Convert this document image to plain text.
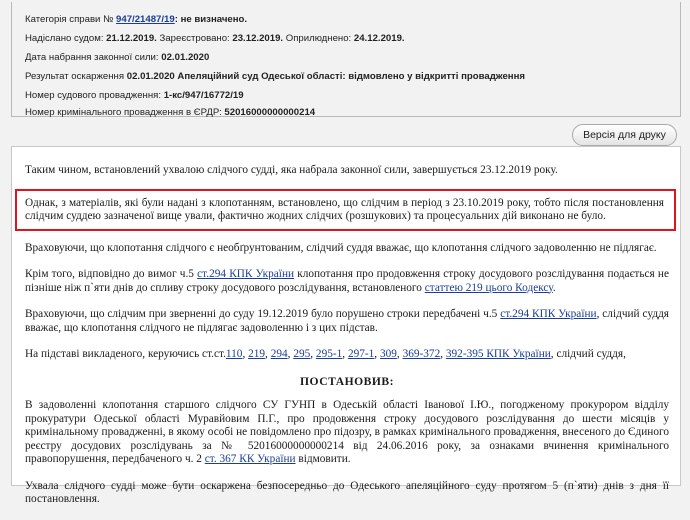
Категорія справи № 947/21487/19: не визначено.
Надіслано судом: 21.12.2019. Зареєстровано: 23.12.2019. Оприлюднено: 24.12.2019.
Дата набрання законної сили: 02.01.2020
Результат оскарження 02.01.2020 Апеляційний суд Одеської області: відмовлено у відкритті провадження
Номер судового провадження: 1-кс/947/16772/19
Номер кримінального провадження в ЄРДР: 52016000000000214
Версія для друку

Таким чином, встановлений ухвалою слідчого судді, яка набрала законної сили, завершується 23.12.2019 року.

Однак, з матеріалів, які були надані з клопотанням, встановлено, що слідчим в період з 23.10.2019 року, тобто після постановлення
слідчим суддею зазначеної вище ували, фактично жодних слідчих (розшукових) та процесуальних дій виконано не було.

Враховуючи, що клопотання слідчого є необґрунтованим, слідчий суддя вважає, що клопотання слідчого задоволенню не підлягає.

Крім того, відповідно до вимог ч.5 ст.294 КПК України клопотання про продовження строку досудового розслідування подається не пізніше ніж п`яти днів до спливу строку досудового розслідування, встановленого статтею 219 цього Кодексу.

Враховуючи, що слідчим при зверненні до суду 19.12.2019 було порушено строки передбачені ч.5 ст.294 КПК України, слідчий суддя вважає, що клопотання слідчого не підлягає задоволенню і з цих підстав.

На підставі викладеного, керуючись ст.ст.110, 219, 294, 295, 295-1, 297-1, 309, 369-372, 392-395 КПК України, слідчий суддя,

ПОСТАНОВИВ:

В задоволенні клопотання старшого слідчого СУ ГУНП в Одеській області Іванової І.Ю., погодженому прокурором відділу прокуратури Одеської області Муравйовим П.Г., про продовження строку досудового розслідування до шести місяців у кримінальному провадженні, в якому особі не повідомлено про підозру, в рамках кримінального провадження, внесеного до Єдиного реєстру досудових розслідувань за № 52016000000000214 від 24.06.2016 року, за ознаками вчинення кримінального правопорушення, передбаченого ч. 2 ст. 367 КК України відмовити.

Ухвала слідчого судді може бути оскаржена безпосередньо до Одеського апеляційного суду протягом 5 (п`яти) днів з дня її постановлення.
